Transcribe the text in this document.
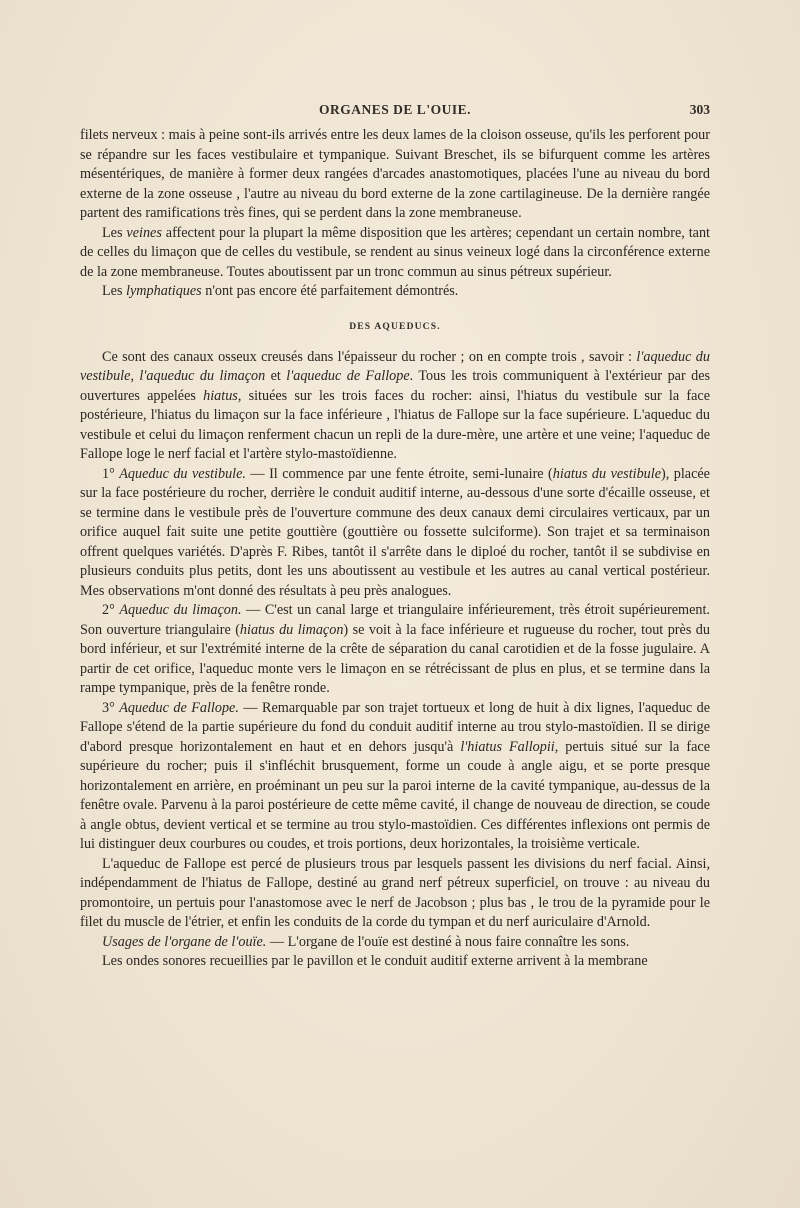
ORGANES DE L'OUIE.	303

filets nerveux : mais à peine sont-ils arrivés entre les deux lames de la cloison osseuse, qu'ils les perforent pour se répandre sur les faces vestibulaire et tympanique. Suivant Breschet, ils se bifurquent comme les artères mésentériques, de manière à former deux rangées d'arcades anastomotiques, placées l'une au niveau du bord externe de la zone osseuse , l'autre au niveau du bord externe de la zone cartilagineuse. De la dernière rangée partent des ramifications très fines, qui se perdent dans la zone membraneuse.

Les veines affectent pour la plupart la même disposition que les artères; cependant un certain nombre, tant de celles du limaçon que de celles du vestibule, se rendent au sinus veineux logé dans la circonférence externe de la zone membraneuse. Toutes aboutissent par un tronc commun au sinus pétreux supérieur.

Les lymphatiques n'ont pas encore été parfaitement démontrés.

DES AQUEDUCS.

Ce sont des canaux osseux creusés dans l'épaisseur du rocher ; on en compte trois , savoir : l'aqueduc du vestibule, l'aqueduc du limaçon et l'aqueduc de Fallope. Tous les trois communiquent à l'extérieur par des ouvertures appelées hiatus, situées sur les trois faces du rocher: ainsi, l'hiatus du vestibule sur la face postérieure, l'hiatus du limaçon sur la face inférieure , l'hiatus de Fallope sur la face supérieure. L'aqueduc du vestibule et celui du limaçon renferment chacun un repli de la dure-mère, une artère et une veine; l'aqueduc de Fallope loge le nerf facial et l'artère stylo-mastoïdienne.

1° Aqueduc du vestibule. — Il commence par une fente étroite, semi-lunaire (hiatus du vestibule), placée sur la face postérieure du rocher, derrière le conduit auditif interne, au-dessous d'une sorte d'écaille osseuse, et se termine dans le vestibule près de l'ouverture commune des deux canaux demi circulaires verticaux, par un orifice auquel fait suite une petite gouttière (gouttière ou fossette sulciforme). Son trajet et sa terminaison offrent quelques variétés. D'après F. Ribes, tantôt il s'arrête dans le diploé du rocher, tantôt il se subdivise en plusieurs conduits plus petits, dont les uns aboutissent au vestibule et les autres au canal vertical postérieur. Mes observations m'ont donné des résultats à peu près analogues.

2° Aqueduc du limaçon. — C'est un canal large et triangulaire inférieurement, très étroit supérieurement. Son ouverture triangulaire (hiatus du limaçon) se voit à la face inférieure et rugueuse du rocher, tout près du bord inférieur, et sur l'extrémité interne de la crête de séparation du canal carotidien et de la fosse jugulaire. A partir de cet orifice, l'aqueduc monte vers le limaçon en se rétrécissant de plus en plus, et se termine dans la rampe tympanique, près de la fenêtre ronde.

3° Aqueduc de Fallope. — Remarquable par son trajet tortueux et long de huit à dix lignes, l'aqueduc de Fallope s'étend de la partie supérieure du fond du conduit auditif interne au trou stylo-mastoïdien. Il se dirige d'abord presque horizontalement en haut et en dehors jusqu'à l'hiatus Fallopii, pertuis situé sur la face supérieure du rocher; puis il s'infléchit brusquement, forme un coude à angle aigu, et se porte presque horizontalement en arrière, en proéminant un peu sur la paroi interne de la cavité tympanique, au-dessus de la fenêtre ovale. Parvenu à la paroi postérieure de cette même cavité, il change de nouveau de direction, se coude à angle obtus, devient vertical et se termine au trou stylo-mastoïdien. Ces différentes inflexions ont permis de lui distinguer deux courbures ou coudes, et trois portions, deux horizontales, la troisième verticale.

L'aqueduc de Fallope est percé de plusieurs trous par lesquels passent les divisions du nerf facial. Ainsi, indépendamment de l'hiatus de Fallope, destiné au grand nerf pétreux superficiel, on trouve : au niveau du promontoire, un pertuis pour l'anastomose avec le nerf de Jacobson ; plus bas , le trou de la pyramide pour le filet du muscle de l'étrier, et enfin les conduits de la corde du tympan et du nerf auriculaire d'Arnold.

Usages de l'organe de l'ouïe. — L'organe de l'ouïe est destiné à nous faire connaître les sons.

Les ondes sonores recueillies par le pavillon et le conduit auditif externe arrivent à la membrane
